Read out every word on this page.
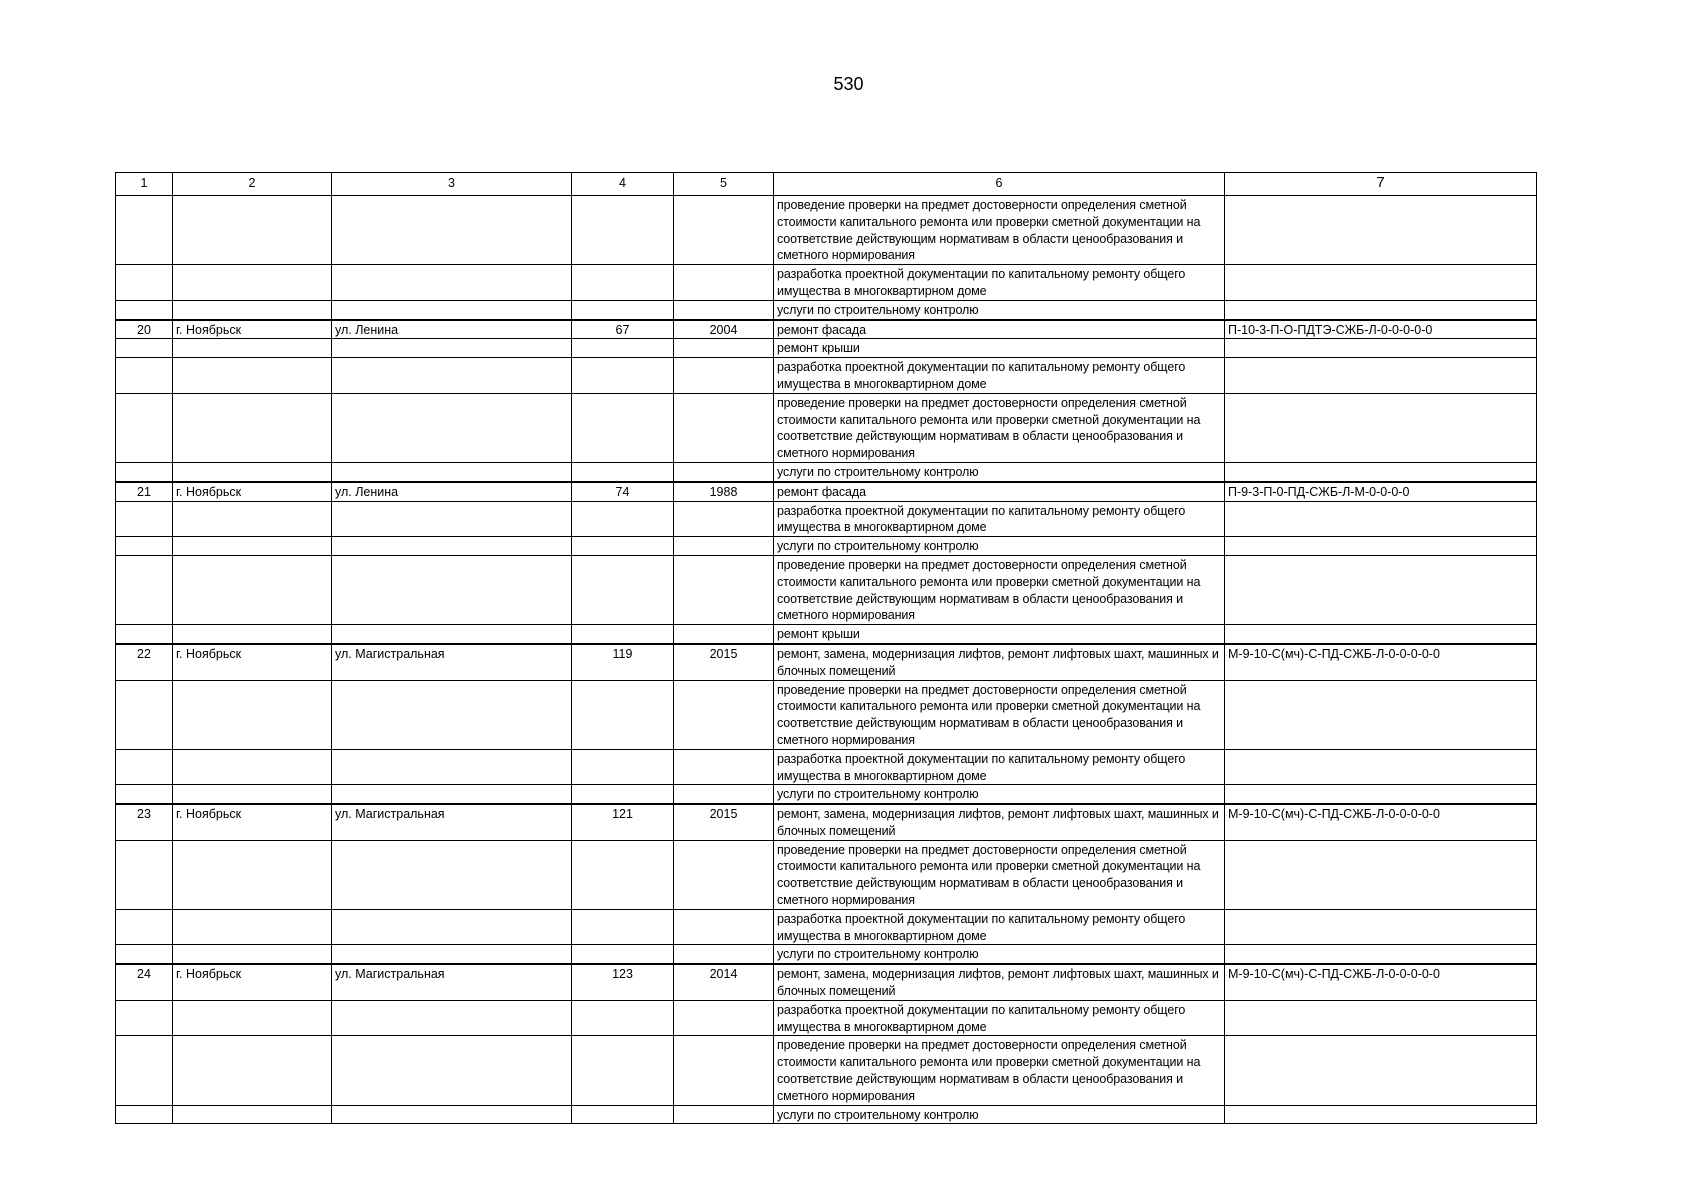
530
1	2	3	4	5	6	7
					проведение проверки на предмет достоверности определения сметной стоимости капитального ремонта или проверки сметной документации на соответствие действующим нормативам в области ценообразования и сметного нормирования	
					разработка проектной документации по капитальному ремонту общего имущества в многоквартирном доме	
					услуги по строительному контролю	
20	г. Ноябрьск	ул. Ленина	67	2004	ремонт фасада	П-10-3-П-О-ПДТЭ-СЖБ-Л-0-0-0-0-0
					ремонт крыши	
					разработка проектной документации по капитальному ремонту общего имущества в многоквартирном доме	
					проведение проверки на предмет достоверности определения сметной стоимости капитального ремонта или проверки сметной документации на соответствие действующим нормативам в области ценообразования и сметного нормирования	
					услуги по строительному контролю	
21	г. Ноябрьск	ул. Ленина	74	1988	ремонт фасада	П-9-3-П-0-ПД-СЖБ-Л-М-0-0-0-0
					разработка проектной документации по капитальному ремонту общего имущества в многоквартирном доме	
					услуги по строительному контролю	
					проведение проверки на предмет достоверности определения сметной стоимости капитального ремонта или проверки сметной документации на соответствие действующим нормативам в области ценообразования и сметного нормирования	
					ремонт крыши	
22	г. Ноябрьск	ул. Магистральная	119	2015	ремонт, замена, модернизация лифтов, ремонт лифтовых шахт, машинных и блочных помещений	М-9-10-С(мч)-С-ПД-СЖБ-Л-0-0-0-0-0
					проведение проверки на предмет достоверности определения сметной стоимости капитального ремонта или проверки сметной документации на соответствие действующим нормативам в области ценообразования и сметного нормирования	
					разработка проектной документации по капитальному ремонту общего имущества в многоквартирном доме	
					услуги по строительному контролю	
23	г. Ноябрьск	ул. Магистральная	121	2015	ремонт, замена, модернизация лифтов, ремонт лифтовых шахт, машинных и блочных помещений	М-9-10-С(мч)-С-ПД-СЖБ-Л-0-0-0-0-0
					проведение проверки на предмет достоверности определения сметной стоимости капитального ремонта или проверки сметной документации на соответствие действующим нормативам в области ценообразования и сметного нормирования	
					разработка проектной документации по капитальному ремонту общего имущества в многоквартирном доме	
					услуги по строительному контролю	
24	г. Ноябрьск	ул. Магистральная	123	2014	ремонт, замена, модернизация лифтов, ремонт лифтовых шахт, машинных и блочных помещений	М-9-10-С(мч)-С-ПД-СЖБ-Л-0-0-0-0-0
					разработка проектной документации по капитальному ремонту общего имущества в многоквартирном доме	
					проведение проверки на предмет достоверности определения сметной стоимости капитального ремонта или проверки сметной документации на соответствие действующим нормативам в области ценообразования и сметного нормирования	
					услуги по строительному контролю	
